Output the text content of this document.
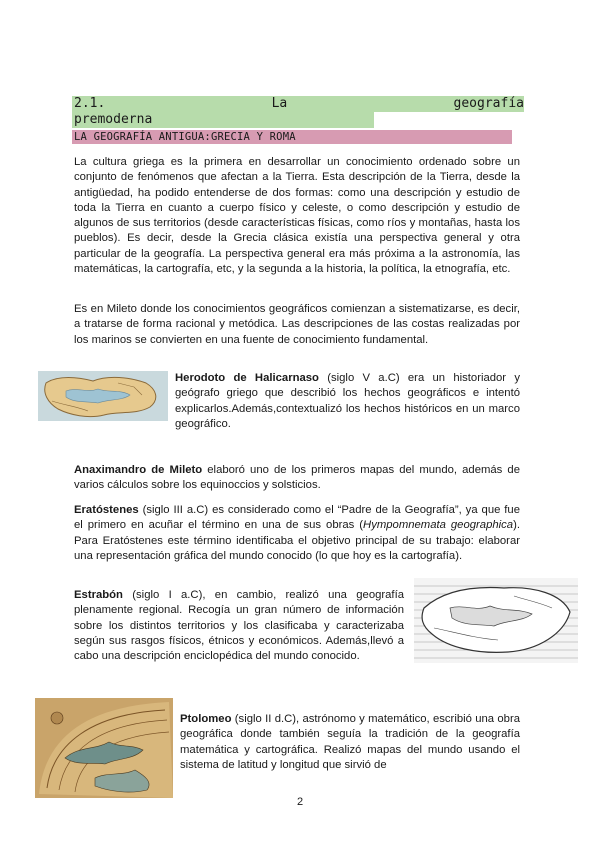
2.1.	La	geografía
premoderna
LA GEOGRAFÍA ANTIGUA:GRECIA Y ROMA

La cultura griega es la primera en desarrollar un conocimiento ordenado sobre un conjunto de fenómenos que afectan a la Tierra. Esta descripción de la Tierra, desde la antigüedad, ha podido entenderse de dos formas: como una descripción y estudio de toda la Tierra en cuanto a cuerpo físico y celeste, o como descripción y estudio de algunos de sus territorios (desde características físicas, como ríos y montañas, hasta los pueblos). Es decir, desde la Grecia clásica existía una perspectiva general y otra particular de la geografía. La perspectiva general era más próxima a la astronomía, las matemáticas, la cartografía, etc, y la segunda a la historia, la política, la etnografía, etc.

Es en Mileto donde los conocimientos geográficos comienzan a sistematizarse, es decir, a tratarse de forma racional y metódica. Las descripciones de las costas realizadas por los marinos se convierten en una fuente de conocimiento fundamental.

Herodoto de Halicarnaso (siglo V a.C) era un historiador y geógrafo griego que describió los hechos geográficos e intentó explicarlos.Además,contextualizó los hechos históricos en un marco geográfico.

Anaximandro de Mileto elaboró uno de los primeros mapas del mundo, además de varios cálculos sobre los equinoccios y solsticios.

Eratóstenes (siglo III a.C) es considerado como el “Padre de la Geografía”, ya que fue el primero en acuñar el término en una de sus obras (Hympomnemata geographica). Para Eratóstenes este término identificaba el objetivo principal de su trabajo: elaborar una representación gráfica del mundo conocido (lo que hoy es la cartografía).

Estrabón (siglo I a.C), en cambio, realizó una geografía plenamente regional. Recogía un gran número de información sobre los distintos territorios y los clasificaba y caracterizaba según sus rasgos físicos, étnicos y económicos. Además,llevó a cabo una descripción enciclopédica del mundo conocido.

Ptolomeo (siglo II d.C), astrónomo y matemático, escribió una obra geográfica donde también seguía la tradición de la geografía matemática y cartográfica. Realizó mapas del mundo usando el sistema de latitud y longitud que sirvió de

2
